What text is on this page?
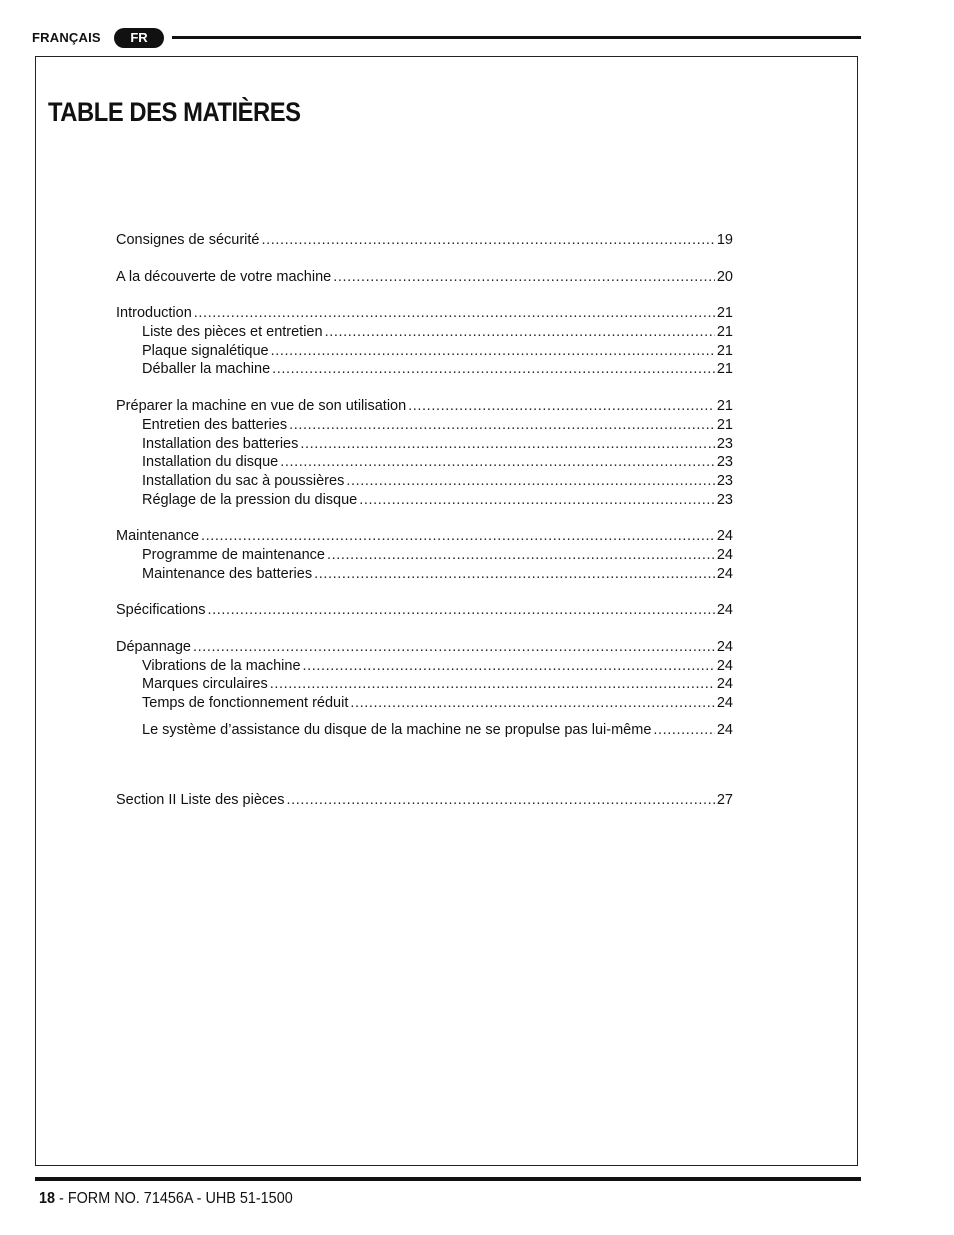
FRANÇAIS	FR
TABLE DES MATIÈRES
Consignes de sécurité .....	19
A la découverte de votre machine .....	20
Introduction .....	21
Liste des pièces et entretien .....	21
Plaque signalétique .....	21
Déballer la machine .....	21
Préparer la machine en vue de son utilisation .....	21
Entretien des batteries .....	21
Installation des batteries .....	23
Installation du disque .....	23
Installation du sac à poussières .....	23
Réglage de la pression du disque .....	23
Maintenance .....	24
Programme de maintenance .....	24
Maintenance des batteries .....	24
Spécifications .....	24
Dépannage .....	24
Vibrations de la machine .....	24
Marques circulaires .....	24
Temps de fonctionnement réduit .....	24
Le système d’assistance du disque de la machine ne se propulse pas lui-même .....	24
Section II Liste des pièces .....	27
18 - FORM NO. 71456A - UHB 51-1500
